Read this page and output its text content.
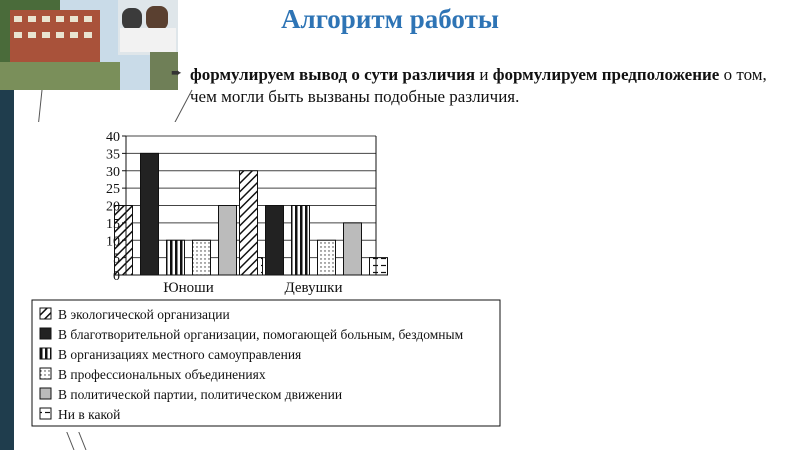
Алгоритм работы
➨ формулируем вывод о сути различия и формулируем предположение о том, чем могли быть вызваны подобные различия.
0
5
10
15
20
25
30
35
40
Юноши	Девушки
В экологической организации
В благотворительной организации, помогающей больным, бездомным
В организациях местного самоуправления
В профессиональных объединениях
В политической партии, политическом движении
Ни в какой
